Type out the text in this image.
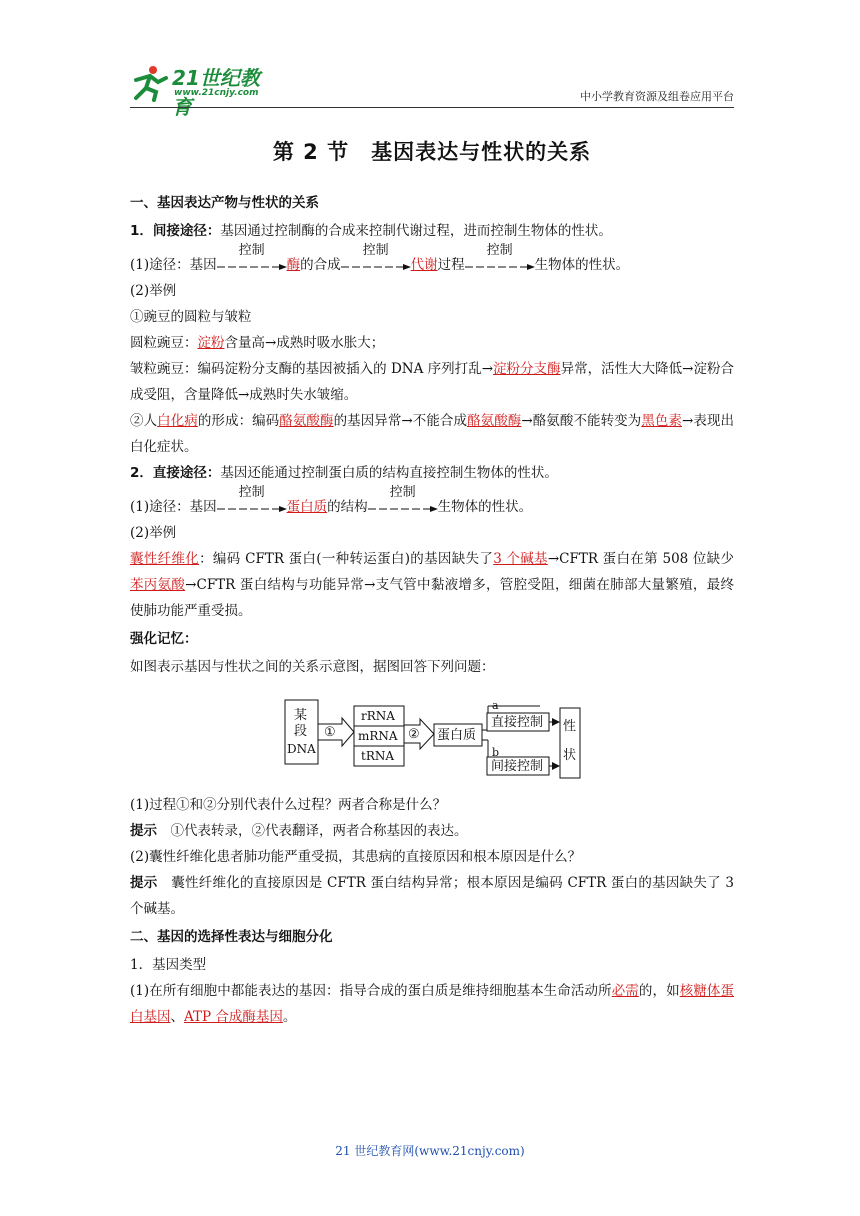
21世纪教育
www.21cnjy.com	中小学教育资源及组卷应用平台
第 2 节　基因表达与性状的关系
一、基因表达产物与性状的关系

1．间接途径：基因通过控制酶的合成来控制代谢过程，进而控制生物体的性状。

(1)途径：基因
控制
酶的合成
控制
代谢过程
控制
生物体的性状。

(2)举例

①豌豆的圆粒与皱粒

圆粒豌豆：淀粉含量高→成熟时吸水胀大；

皱粒豌豆：编码淀粉分支酶的基因被插入的 DNA 序列打乱→淀粉分支酶异常，活性大大降低→淀粉合成受阻，含量降低→成熟时失水皱缩。

②人白化病的形成：编码酪氨酸酶的基因异常→不能合成酪氨酸酶→酪氨酸不能转变为黑色素→表现出白化症状。

2．直接途径：基因还能通过控制蛋白质的结构直接控制生物体的性状。

(1)途径：基因
控制
蛋白质的结构
控制
生物体的性状。

(2)举例

囊性纤维化：编码 CFTR 蛋白(一种转运蛋白)的基因缺失了3 个碱基→CFTR 蛋白在第 508 位缺少苯丙氨酸→CFTR 蛋白结构与功能异常→支气管中黏液增多，管腔受阻，细菌在肺部大量繁殖，最终使肺功能严重受损。

强化记忆：

如图表示基因与性状之间的关系示意图，据图回答下列问题：

某
段
DNA
①
rRNA
mRNA
tRNA
② 蛋白质
a
直接控制
b
间接控制
性
状

(1)过程①和②分别代表什么过程？两者合称是什么？

提示　 ①代表转录，②代表翻译，两者合称基因的表达。

(2)囊性纤维化患者肺功能严重受损，其患病的直接原因和根本原因是什么？

提示　 囊性纤维化的直接原因是 CFTR 蛋白结构异常；根本原因是编码 CFTR 蛋白的基因缺失了 3 个碱基。

二、基因的选择性表达与细胞分化

1．基因类型

(1)在所有细胞中都能表达的基因：指导合成的蛋白质是维持细胞基本生命活动所必需的，如核糖体蛋白基因、ATP 合成酶基因。

21 世纪教育网(www.21cnjy.com)
